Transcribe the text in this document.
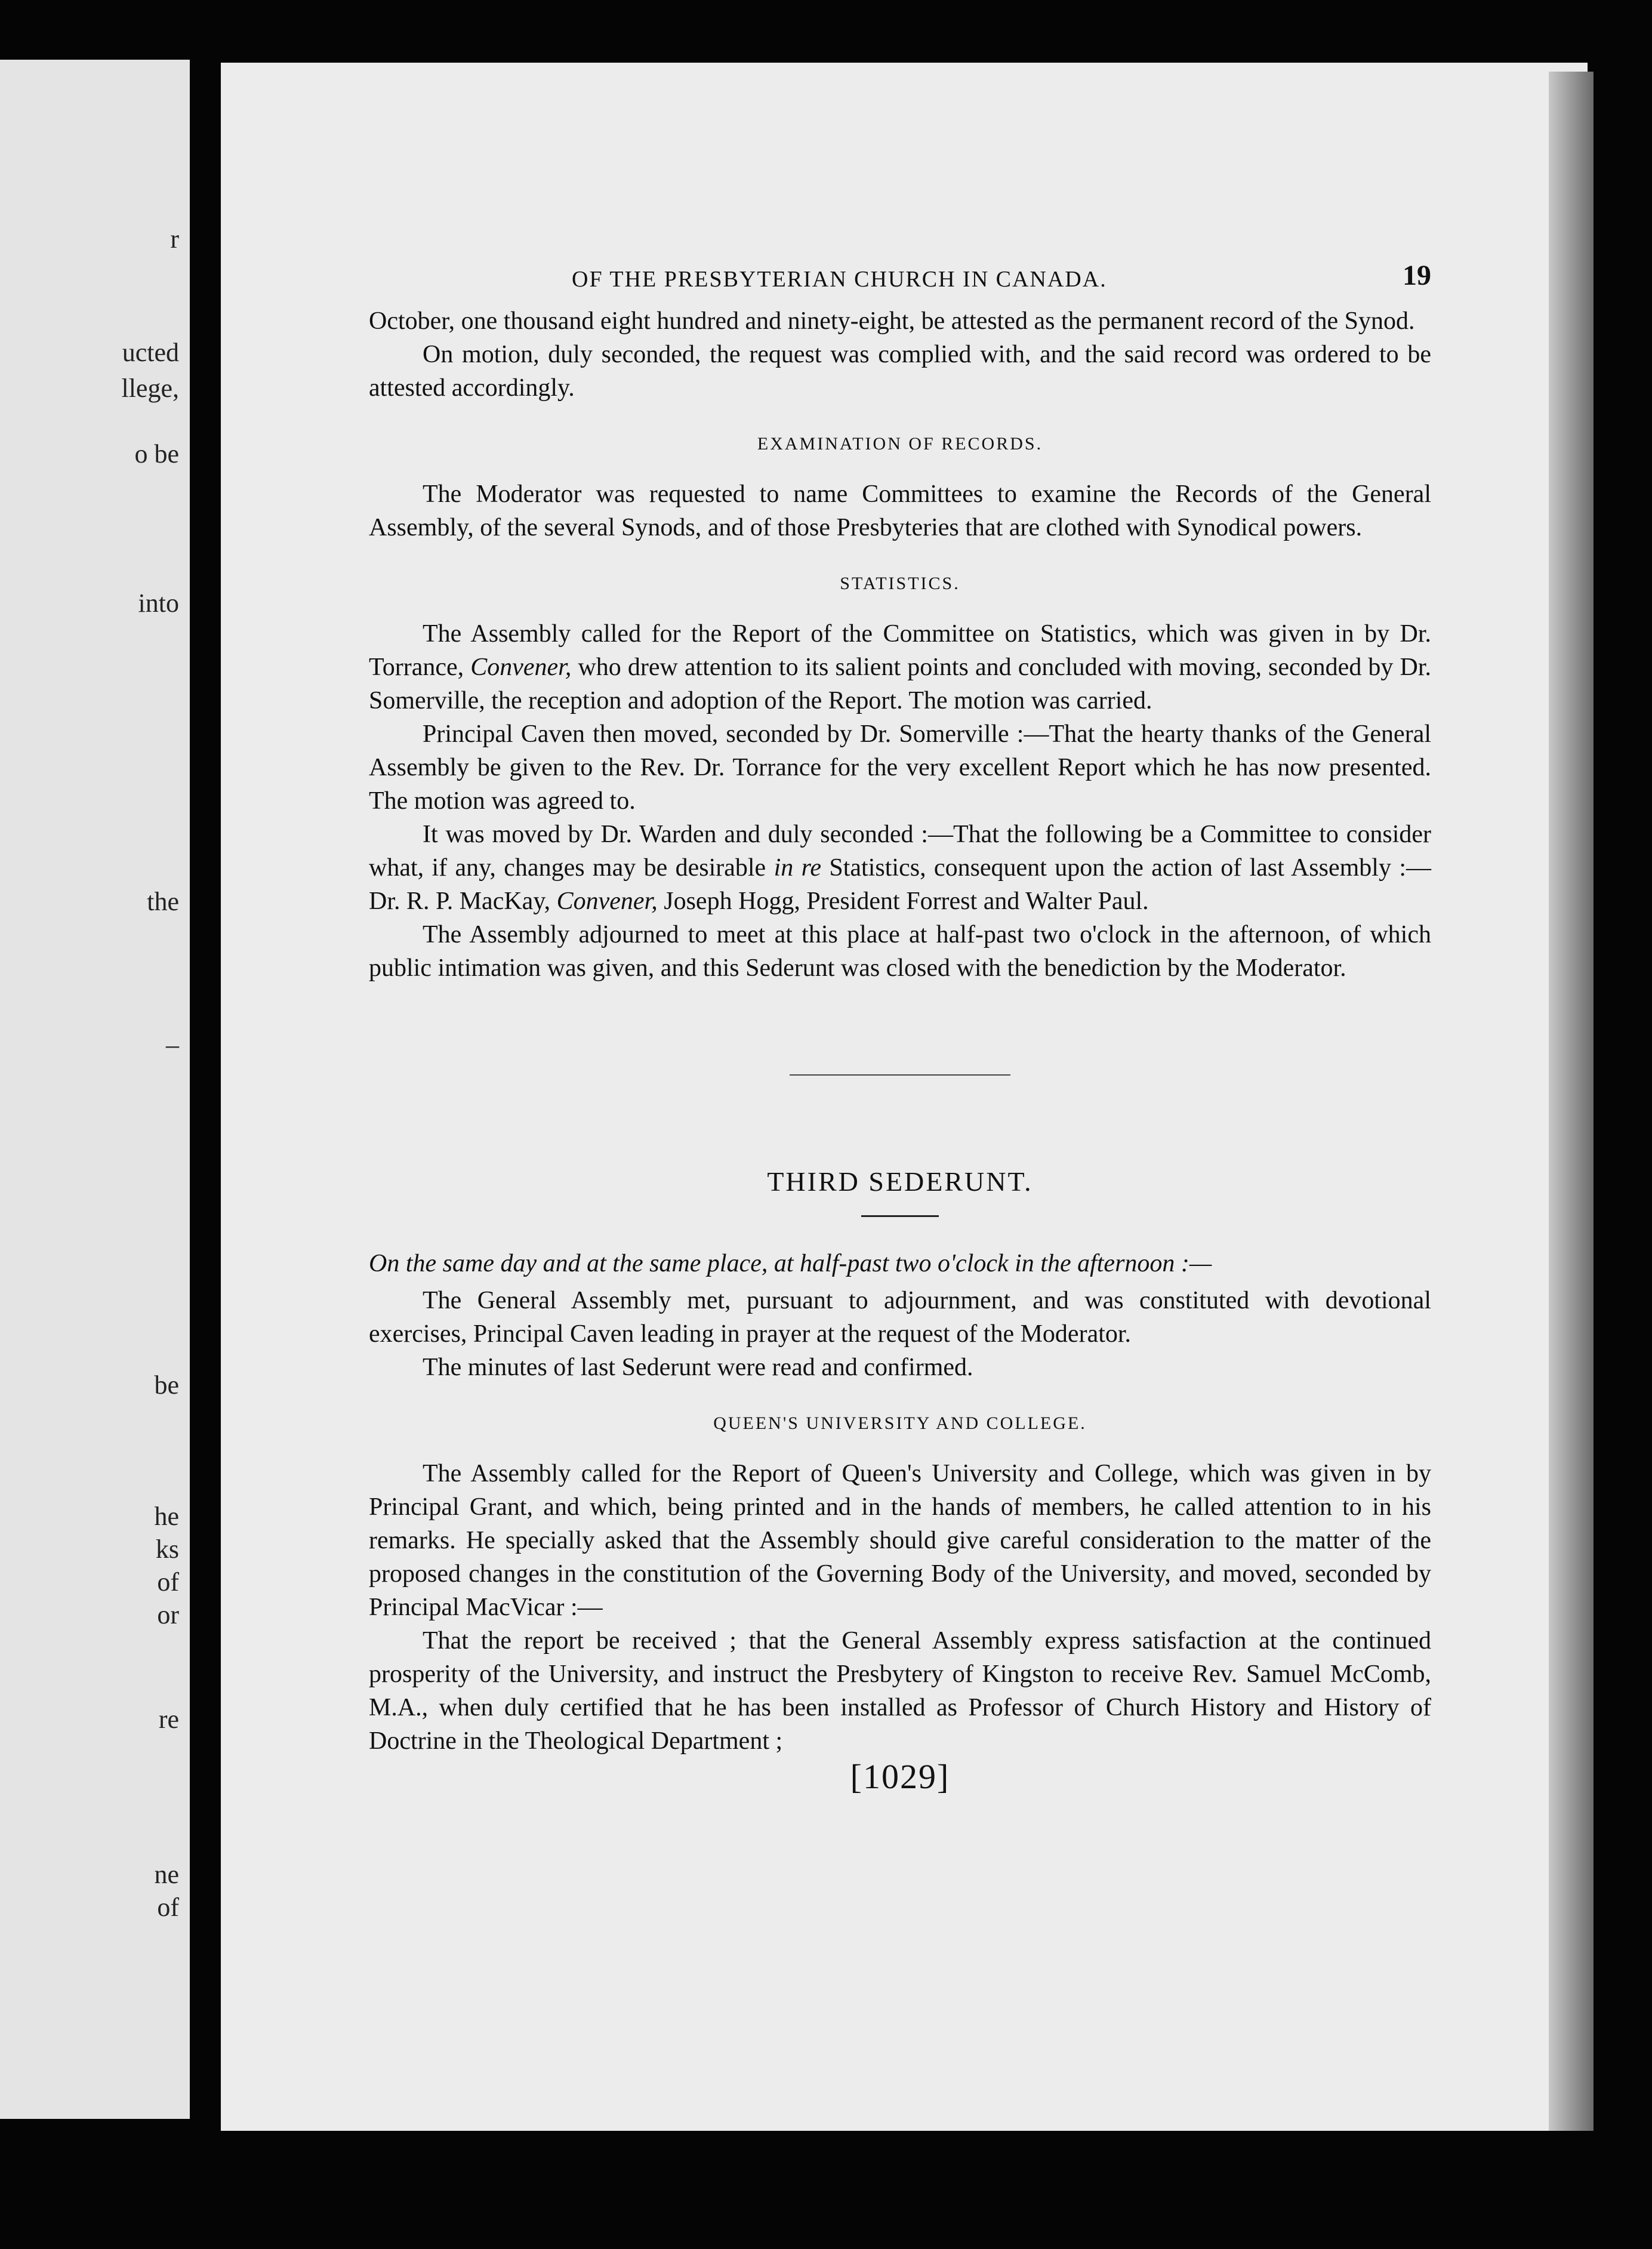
r
ucted
llege,
o be
into
the
–
be
he
ks
of
or
re
ne
of
OF THE PRESBYTERIAN CHURCH IN CANADA.	19

October, one thousand eight hundred and ninety-eight, be attested as the permanent record of the Synod.

On motion, duly seconded, the request was complied with, and the said record was ordered to be attested accordingly.

EXAMINATION OF RECORDS.

The Moderator was requested to name Committees to examine the Records of the General Assembly, of the several Synods, and of those Presbyteries that are clothed with Synodical powers.

STATISTICS.

The Assembly called for the Report of the Committee on Statistics, which was given in by Dr. Torrance, Convener, who drew attention to its salient points and concluded with moving, seconded by Dr. Somerville, the reception and adoption of the Report. The motion was carried.

Principal Caven then moved, seconded by Dr. Somerville :—That the hearty thanks of the General Assembly be given to the Rev. Dr. Torrance for the very excellent Report which he has now presented. The motion was agreed to.

It was moved by Dr. Warden and duly seconded :—That the following be a Committee to consider what, if any, changes may be desirable in re Statistics, consequent upon the action of last Assembly :—Dr. R. P. MacKay, Convener, Joseph Hogg, President Forrest and Walter Paul.

The Assembly adjourned to meet at this place at half-past two o'clock in the afternoon, of which public intimation was given, and this Sederunt was closed with the benediction by the Moderator.

THIRD SEDERUNT.

On the same day and at the same place, at half-past two o'clock in the afternoon :—

The General Assembly met, pursuant to adjournment, and was constituted with devotional exercises, Principal Caven leading in prayer at the request of the Moderator.

The minutes of last Sederunt were read and confirmed.

QUEEN'S UNIVERSITY AND COLLEGE.

The Assembly called for the Report of Queen's University and College, which was given in by Principal Grant, and which, being printed and in the hands of members, he called attention to in his remarks. He specially asked that the Assembly should give careful consideration to the matter of the proposed changes in the constitution of the Governing Body of the University, and moved, seconded by Principal MacVicar :—

That the report be received ; that the General Assembly express satisfaction at the continued prosperity of the University, and instruct the Presbytery of Kingston to receive Rev. Samuel McComb, M.A., when duly certified that he has been installed as Professor of Church History and History of Doctrine in the Theological Department ;

[1029]
